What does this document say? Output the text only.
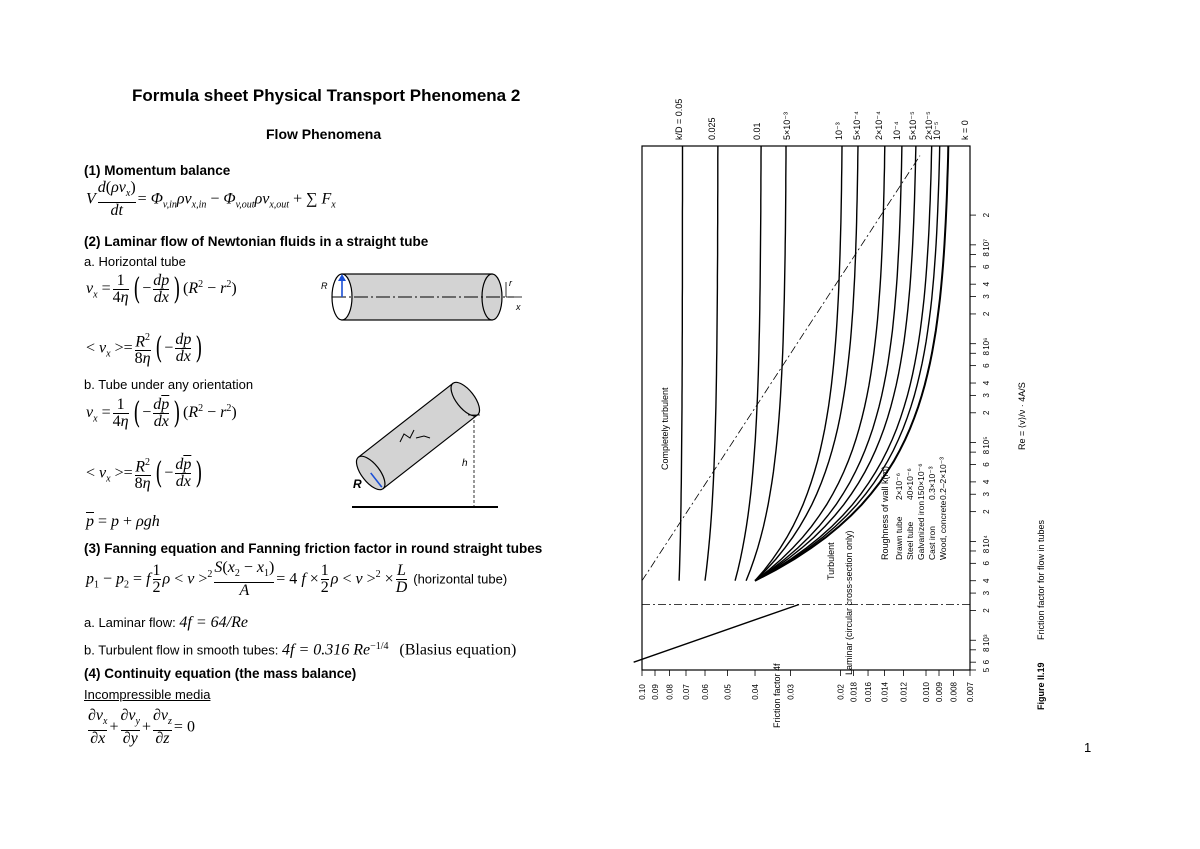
Formula sheet Physical Transport Phenomena 2
Flow Phenomena
(1) Momentum balance
V $\frac{d(\rho v_x)}{dt} = \Phi_{v,in}\rho v_{x,in} - \Phi_{v,out}\rho v_{x,out}$ + ∑ $F_x$
(2) Laminar flow of Newtonian fluids in a straight tube
a. Horizontal tube
$v_x = \frac{1}{4\eta}$ ( − $\frac{dp}{dx}$ ) $(R^2 - r^2)$
< $v_x >= \frac{R^2}{8\eta}$ ( − $\frac{dp}{dx}$ )
R	r
x
b. Tube under any orientation
$v_x = \frac{1}{4\eta}$ ( − $\frac{d\overline{p}}{dx}$ ) $(R^2 - r^2)$
< $v_x >= \frac{R^2}{8\eta}$ ( − $\frac{d\overline{p}}{dx}$ )
$\overline{p} = p + \rho gh$
R
h
(3) Fanning equation and Fanning friction factor in round straight tubes
$p_1 - p_2 = f \frac{1}{2}$ $\rho < v >^2 \frac{S(x_2 - x_1)}{A} = 4$ $f \times \frac{1}{2}$ $\rho < v >^2 \times \frac{L}{D}$ (horizontal tube)
a. Laminar flow: 4f = 64/Re
b. Turbulent flow in smooth tubes: 4f = 0.316 $Re^{-1/4}$ (Blasius equation)
(4) Continuity equation (the mass balance)
Incompressible media
$\frac{\partial v_x}{\partial x} + \frac{\partial v_y}{\partial y} + \frac{\partial v_z}{\partial z} = 0$
1
5
6
8
10³
2
3
4
6
8
10⁴
2
3
4
6
8
10⁵
2
3
4
6
8
10⁶
2
3
4
6
8
10⁷
2
0.10 0.09 0.08 0.07 0.06 0.05 0.04	0.03	0.02 0.018 0.016 0.014 0.012 0.010 0.009 0.008 0.007
k/D = 0.05	0.025	0.01 5×10⁻³	10⁻³ 5×10⁻⁴ 2×10⁻⁴ 10⁻⁴ 5×10⁻⁵ 2×10⁻⁵
10⁻⁵ k = 0
Completely turbulent
Turbulent Laminar (circular cross-section only)
Roughness of wall k(m) Drawn tube
2×10⁻⁶
Steel tube
40×10⁻⁶
Galvanized iron
150×10⁻⁶
Cast iron
0.3×10⁻³
Wood, concrete
0.2–2×10⁻³
Re = ⟨v⟩/ν · 4A/S
Friction factor 4f	Figure II.19
Friction factor for flow in tubes
